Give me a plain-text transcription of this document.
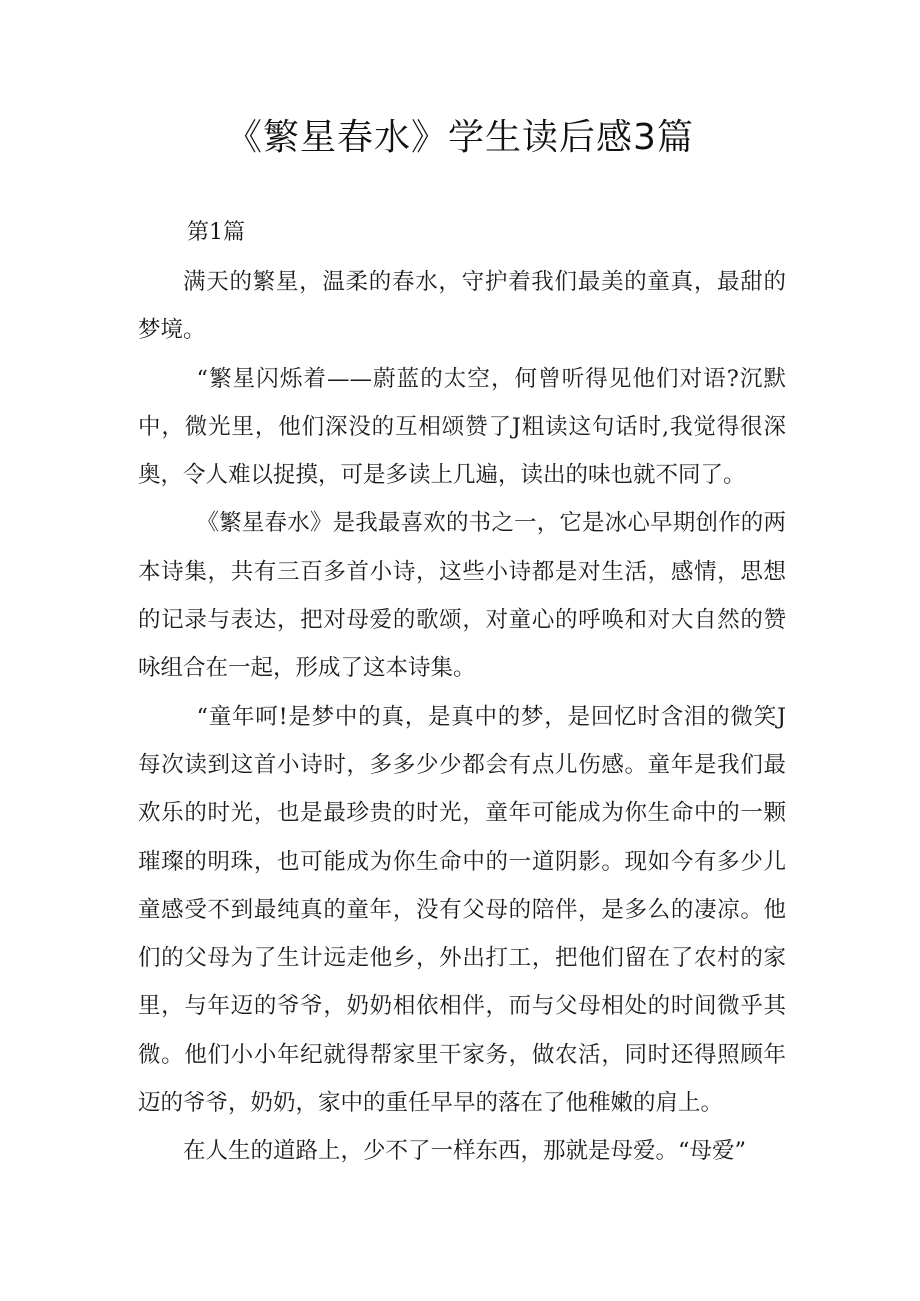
《繁星春水》学生读后感3篇
第1篇

满天的繁星，温柔的春水，守护着我们最美的童真，最甜的梦境。

“繁星闪烁着——蔚蓝的太空，何曾听得见他们对语?沉默中，微光里，他们深没的互相颂赞了J粗读这句话时,我觉得很深奥，令人难以捉摸，可是多读上几遍，读出的味也就不同了。

《繁星春水》是我最喜欢的书之一，它是冰心早期创作的两本诗集，共有三百多首小诗，这些小诗都是对生活，感情，思想的记录与表达，把对母爱的歌颂，对童心的呼唤和对大自然的赞咏组合在一起，形成了这本诗集。

“童年呵!是梦中的真，是真中的梦，是回忆时含泪的微笑J每次读到这首小诗时，多多少少都会有点儿伤感。童年是我们最欢乐的时光，也是最珍贵的时光，童年可能成为你生命中的一颗璀璨的明珠，也可能成为你生命中的一道阴影。现如今有多少儿童感受不到最纯真的童年，没有父母的陪伴，是多么的凄凉。他们的父母为了生计远走他乡，外出打工，把他们留在了农村的家里，与年迈的爷爷，奶奶相依相伴，而与父母相处的时间微乎其微。他们小小年纪就得帮家里干家务，做农活，同时还得照顾年迈的爷爷，奶奶，家中的重任早早的落在了他稚嫩的肩上。

在人生的道路上，少不了一样东西，那就是母爱。“母爱”
